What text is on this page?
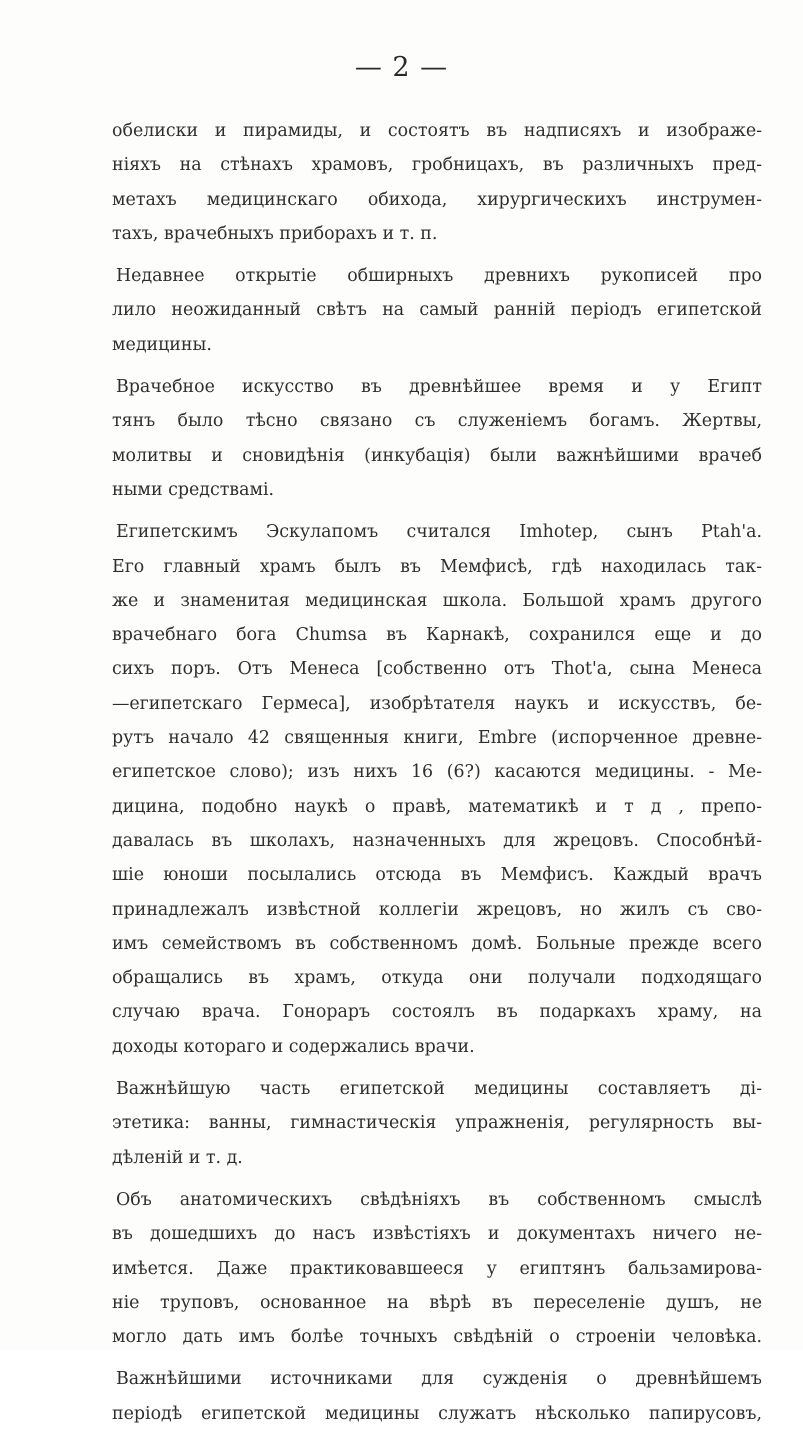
— 2 —
обелиски и пирамиды, и состоятъ въ надписяхъ и изображе-
ніяхъ на стѣнахъ храмовъ, гробницахъ, въ различныхъ пред-
метахъ медицинскаго обихода, хирургическихъ инструмен-
тахъ, врачебныхъ приборахъ и т. п.
Недавнее открытіе обширныхъ древнихъ рукописей про
лило неожиданный свѣтъ на самый ранній періодъ египетской
медицины.
Врачебное искусство въ древнѣйшее время и у Египт
тянъ было тѣсно связано съ служеніемъ богамъ. Жертвы,
молитвы и сновидѣнія (инкубація) были важнѣйшими врачеб
ными средствамі.
Египетскимъ Эскулапомъ считался Imhotep, сынъ Ptah'a.
Его главный храмъ былъ въ Мемфисѣ, гдѣ находилась так-
же и знаменитая медицинская школа. Большой храмъ другого
врачебнаго бога Chumsa въ Карнакѣ, сохранился еще и до
сихъ поръ. Отъ Менеса [собственно отъ Thot'a, сына Менеса
—египетскаго Гермеса], изобрѣтателя наукъ и искусствъ, бе-
рутъ начало 42 священныя книги, Embre (испорченное древне-
египетское слово); изъ нихъ 16 (6?) касаются медицины. - Ме-
дицина, подобно наукѣ о правѣ, математикѣ и т д , препо-
давалась въ школахъ, назначенныхъ для жрецовъ. Способнѣй-
шіе юноши посылались отсюда въ Мемфисъ. Каждый врачъ
принадлежалъ извѣстной коллегіи жрецовъ, но жилъ съ сво-
имъ семействомъ въ собственномъ домѣ. Больные прежде всего
обращались въ храмъ, откуда они получали подходящаго
случаю врача. Гонораръ состоялъ въ подаркахъ храму, на
доходы котораго и содержались врачи.
Важнѣйшую часть египетской медицины составляетъ ді-
этетика: ванны, гимнастическія упражненія, регулярность вы-
дѣленій и т. д.
Объ анатомическихъ свѣдѣніяхъ въ собственномъ смыслѣ
въ дошедшихъ до насъ извѣстіяхъ и документахъ ничего не-
имѣется. Даже практиковавшееся у египтянъ бальзамирова-
ніе труповъ, основанное на вѣрѣ въ переселеніе душъ, не
могло дать имъ болѣе точныхъ свѣдѣній о строеніи человѣка.
Важнѣйшими источниками для сужденія о древнѣйшемъ
періодѣ египетской медицины служатъ нѣсколько папирусовъ,
